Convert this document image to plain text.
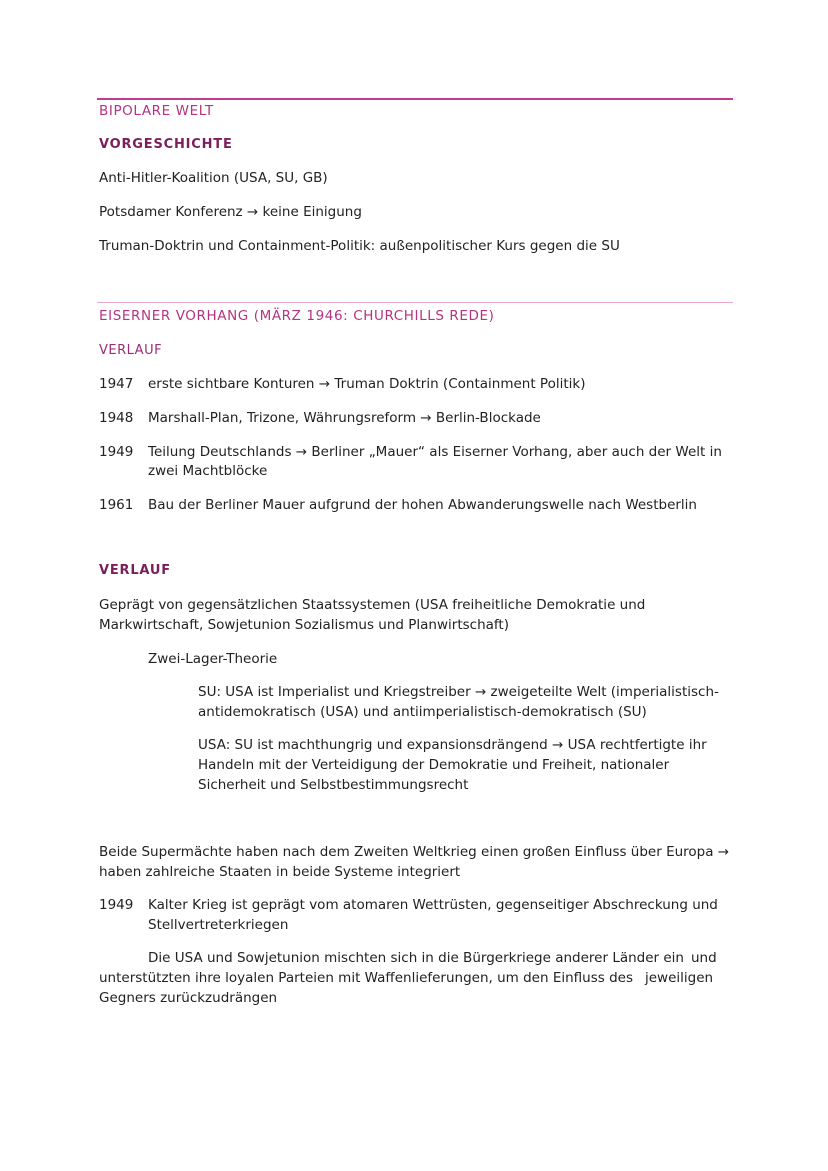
BIPOLARE WELT
VORGESCHICHTE
Anti-Hitler-Koalition (USA, SU, GB)
Potsdamer Konferenz → keine Einigung
Truman-Doktrin und Containment-Politik: außenpolitischer Kurs gegen die SU
EISERNER VORHANG (MÄRZ 1946: CHURCHILLS REDE)
VERLAUF
1947 erste sichtbare Konturen → Truman Doktrin (Containment Politik)
1948 Marshall-Plan, Trizone, Währungsreform → Berlin-Blockade
1949 Teilung Deutschlands → Berliner „Mauer“ als Eiserner Vorhang, aber auch der Welt in
zwei Machtblöcke
1961 Bau der Berliner Mauer aufgrund der hohen Abwanderungswelle nach Westberlin
VERLAUF
Geprägt von gegensätzlichen Staatssystemen (USA freiheitliche Demokratie und
Markwirtschaft, Sowjetunion Sozialismus und Planwirtschaft)
Zwei-Lager-Theorie
SU: USA ist Imperialist und Kriegstreiber → zweigeteilte Welt (imperialistisch-
antidemokratisch (USA) und antiimperialistisch-demokratisch (SU)
USA: SU ist machthungrig und expansionsdrängend → USA rechtfertigte ihr
Handeln mit der Verteidigung der Demokratie und Freiheit, nationaler
Sicherheit und Selbstbestimmungsrecht
Beide Supermächte haben nach dem Zweiten Weltkrieg einen großen Einfluss über Europa →
haben zahlreiche Staaten in beide Systeme integriert
1949 Kalter Krieg ist geprägt vom atomaren Wettrüsten, gegenseitiger Abschreckung und
Stellvertreterkriegen
Die USA und Sowjetunion mischten sich in die Bürgerkriege anderer Länder ein und
unterstützten ihre loyalen Parteien mit Waffenlieferungen, um den Einfluss des jeweiligen
Gegners zurückzudrängen
